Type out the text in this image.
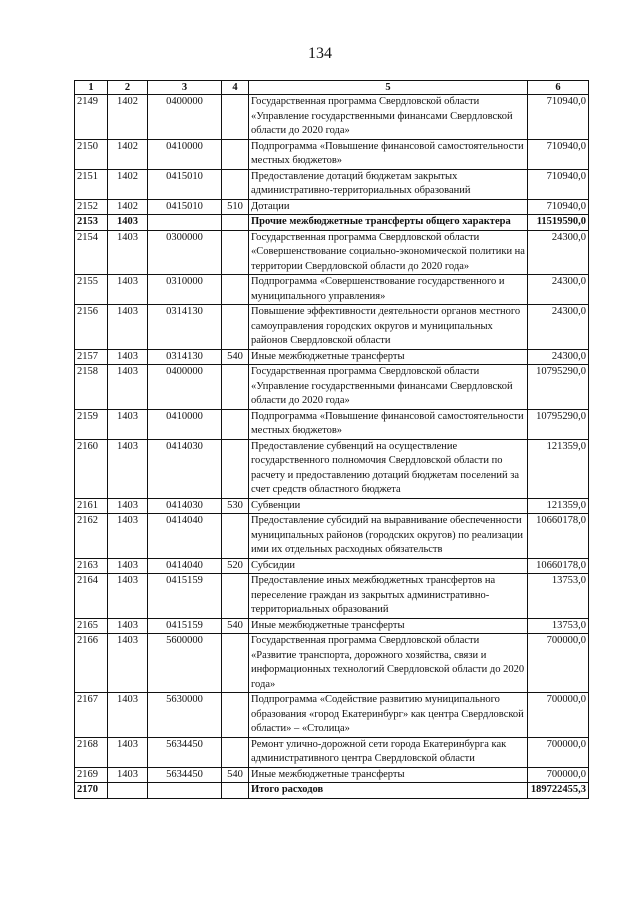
134
1	2	3	4	5	6
2149	1402	0400000		Государственная программа Свердловской области «Управление государственными финансами Свердловской области до 2020 года»	710940,0
2150	1402	0410000		Подпрограмма «Повышение финансовой самостоятельности местных бюджетов»	710940,0
2151	1402	0415010		Предоставление дотаций бюджетам закрытых административно-территориальных образований	710940,0
2152	1402	0415010	510	Дотации	710940,0
2153	1403			Прочие межбюджетные трансферты общего характера	11519590,0
2154	1403	0300000		Государственная программа Свердловской области «Совершенствование социально-экономической политики на территории Свердловской области до 2020 года»	24300,0
2155	1403	0310000		Подпрограмма «Совершенствование государственного и муниципального управления»	24300,0
2156	1403	0314130		Повышение эффективности деятельности органов местного самоуправления городских округов и муниципальных районов Свердловской области	24300,0
2157	1403	0314130	540	Иные межбюджетные трансферты	24300,0
2158	1403	0400000		Государственная программа Свердловской области «Управление государственными финансами Свердловской области до 2020 года»	10795290,0
2159	1403	0410000		Подпрограмма «Повышение финансовой самостоятельности местных бюджетов»	10795290,0
2160	1403	0414030		Предоставление субвенций на осуществление государственного полномочия Свердловской области по расчету и предоставлению дотаций бюджетам поселений за счет средств областного бюджета	121359,0
2161	1403	0414030	530	Субвенции	121359,0
2162	1403	0414040		Предоставление субсидий на выравнивание обеспеченности муниципальных районов (городских округов) по реализации ими их отдельных расходных обязательств	10660178,0
2163	1403	0414040	520	Субсидии	10660178,0
2164	1403	0415159		Предоставление иных межбюджетных трансфертов на переселение граждан из закрытых административно-территориальных образований	13753,0
2165	1403	0415159	540	Иные межбюджетные трансферты	13753,0
2166	1403	5600000		Государственная программа Свердловской области «Развитие транспорта, дорожного хозяйства, связи и информационных технологий Свердловской области до 2020 года»	700000,0
2167	1403	5630000		Подпрограмма «Содействие развитию муниципального образования «город Екатеринбург» как центра Свердловской области» – «Столица»	700000,0
2168	1403	5634450		Ремонт улично-дорожной сети города Екатеринбурга как административного центра Свердловской области	700000,0
2169	1403	5634450	540	Иные межбюджетные трансферты	700000,0
2170				Итого расходов	189722455,3
